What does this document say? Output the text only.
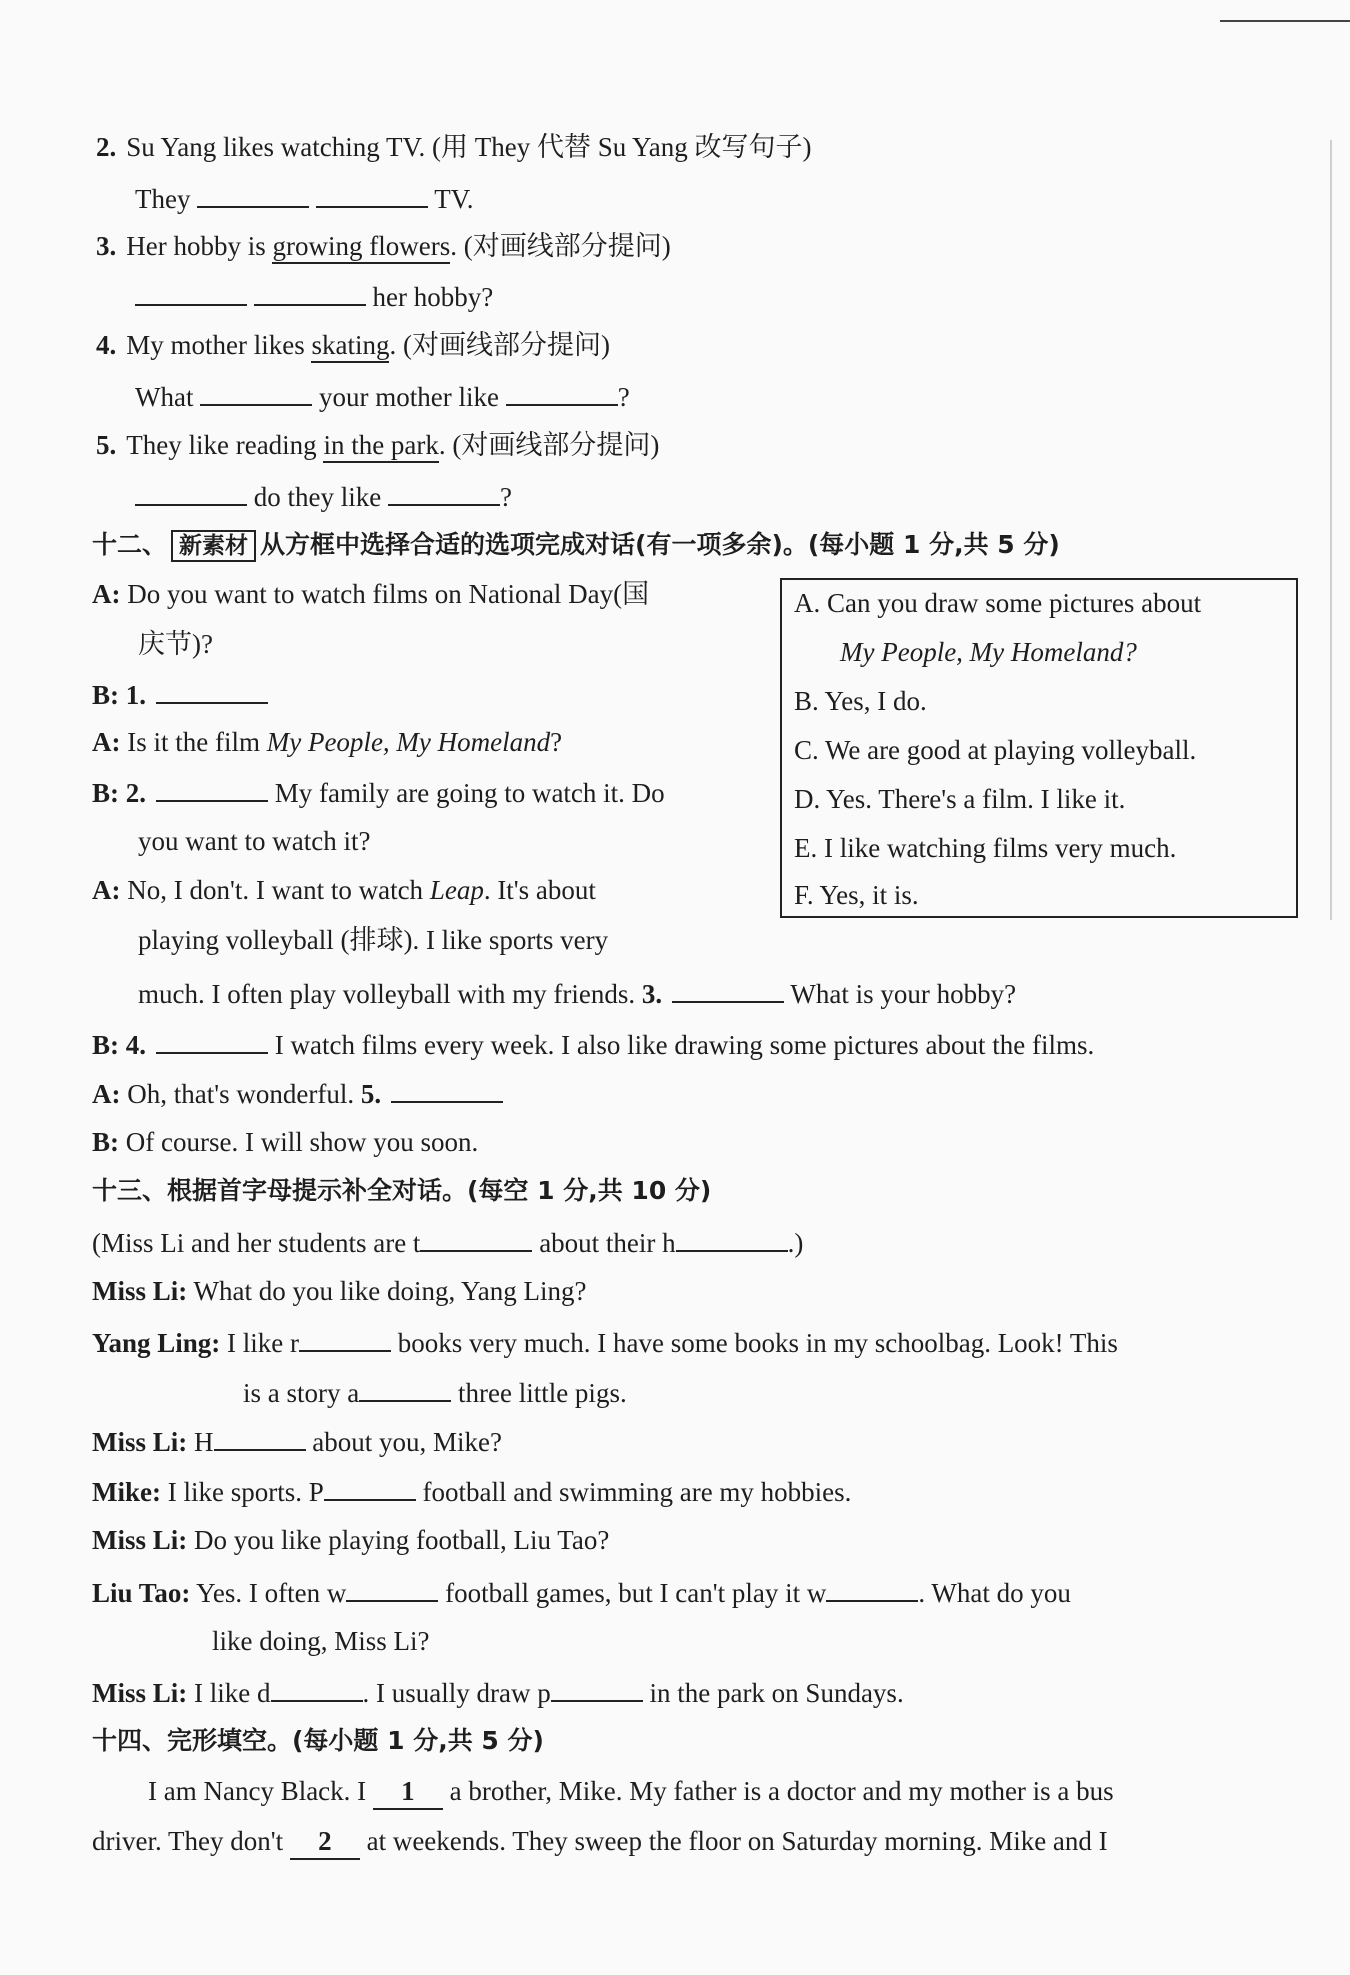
2. Su Yang likes watching TV. (用 They 代替 Su Yang 改写句子)
They	TV.
3. Her hobby is growing flowers. (对画线部分提问)
her hobby?
4. My mother likes skating. (对画线部分提问)
What	your mother like	?
5. They like reading in the park. (对画线部分提问)
do they like	?
十二、 新素材 从方框中选择合适的选项完成对话(有一项多余)。(每小题 1 分,共 5 分)
A. Can you draw some pictures about
My People, My Homeland?
B. Yes, I do.
C. We are good at playing volleyball.
D. Yes. There's a film. I like it.
E. I like watching films very much.
F. Yes, it is.
A: Do you want to watch films on National Day(国
庆节)?
B: 1.
A: Is it the film My People, My Homeland?
B: 2.	My family are going to watch it. Do
you want to watch it?
A: No, I don't. I want to watch Leap. It's about
playing volleyball (排球). I like sports very
much. I often play volleyball with my friends. 3.	What is your hobby?
B: 4.	I watch films every week. I also like drawing some pictures about the films.
A: Oh, that's wonderful. 5.
B: Of course. I will show you soon.
十三、根据首字母提示补全对话。(每空 1 分,共 10 分)
(Miss Li and her students are t	about their h	.)
Miss Li: What do you like doing, Yang Ling?
Yang Ling: I like r	books very much. I have some books in my schoolbag. Look! This
is a story a	three little pigs.
Miss Li: H	about you, Mike?
Mike: I like sports. P	football and swimming are my hobbies.
Miss Li: Do you like playing football, Liu Tao?
Liu Tao: Yes. I often w	football games, but I can't play it w	. What do you
like doing, Miss Li?
Miss Li: I like d	. I usually draw p	in the park on Sundays.
十四、完形填空。(每小题 1 分,共 5 分)
I am Nancy Black. I 1 a brother, Mike. My father is a doctor and my mother is a bus
driver. They don't 2 at weekends. They sweep the floor on Saturday morning. Mike and I
